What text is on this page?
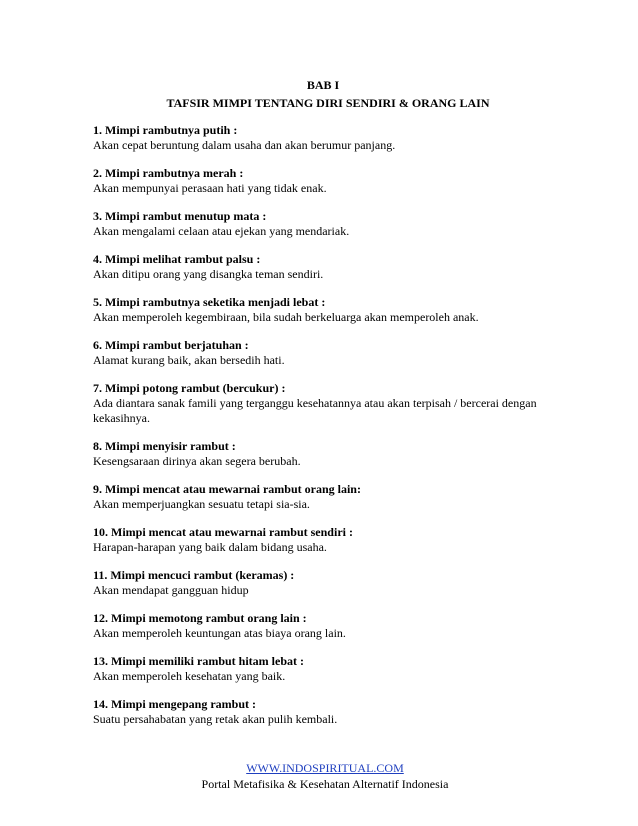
BAB I

TAFSIR MIMPI TENTANG DIRI SENDIRI & ORANG LAIN

1. Mimpi rambutnya putih :

Akan cepat beruntung dalam usaha dan akan berumur panjang.

2. Mimpi rambutnya merah :

Akan mempunyai perasaan hati yang tidak enak.

3. Mimpi rambut menutup mata :

Akan mengalami celaan atau ejekan yang mendariak.

4. Mimpi melihat rambut palsu :

Akan ditipu orang yang disangka teman sendiri.

5. Mimpi rambutnya seketika menjadi lebat :

Akan memperoleh kegembiraan, bila sudah berkeluarga akan memperoleh anak.

6. Mimpi rambut berjatuhan :

Alamat kurang baik, akan bersedih hati.

7. Mimpi potong rambut (bercukur) :

Ada diantara sanak famili yang terganggu kesehatannya atau akan terpisah / bercerai dengan kekasihnya.

8. Mimpi menyisir rambut :

Kesengsaraan dirinya akan segera berubah.

9. Mimpi mencat atau mewarnai rambut orang lain:

Akan memperjuangkan sesuatu tetapi sia-sia.

10. Mimpi mencat atau mewarnai rambut sendiri :

Harapan-harapan yang baik dalam bidang usaha.

11. Mimpi mencuci rambut (keramas) :

Akan mendapat gangguan hidup

12. Mimpi memotong rambut orang lain :

Akan memperoleh keuntungan atas biaya orang lain.

13. Mimpi memiliki rambut hitam lebat :

Akan memperoleh kesehatan yang baik.

14. Mimpi mengepang rambut :

Suatu persahabatan yang retak akan pulih kembali.

WWW.INDOSPIRITUAL.COM
Portal Metafisika & Kesehatan Alternatif Indonesia
